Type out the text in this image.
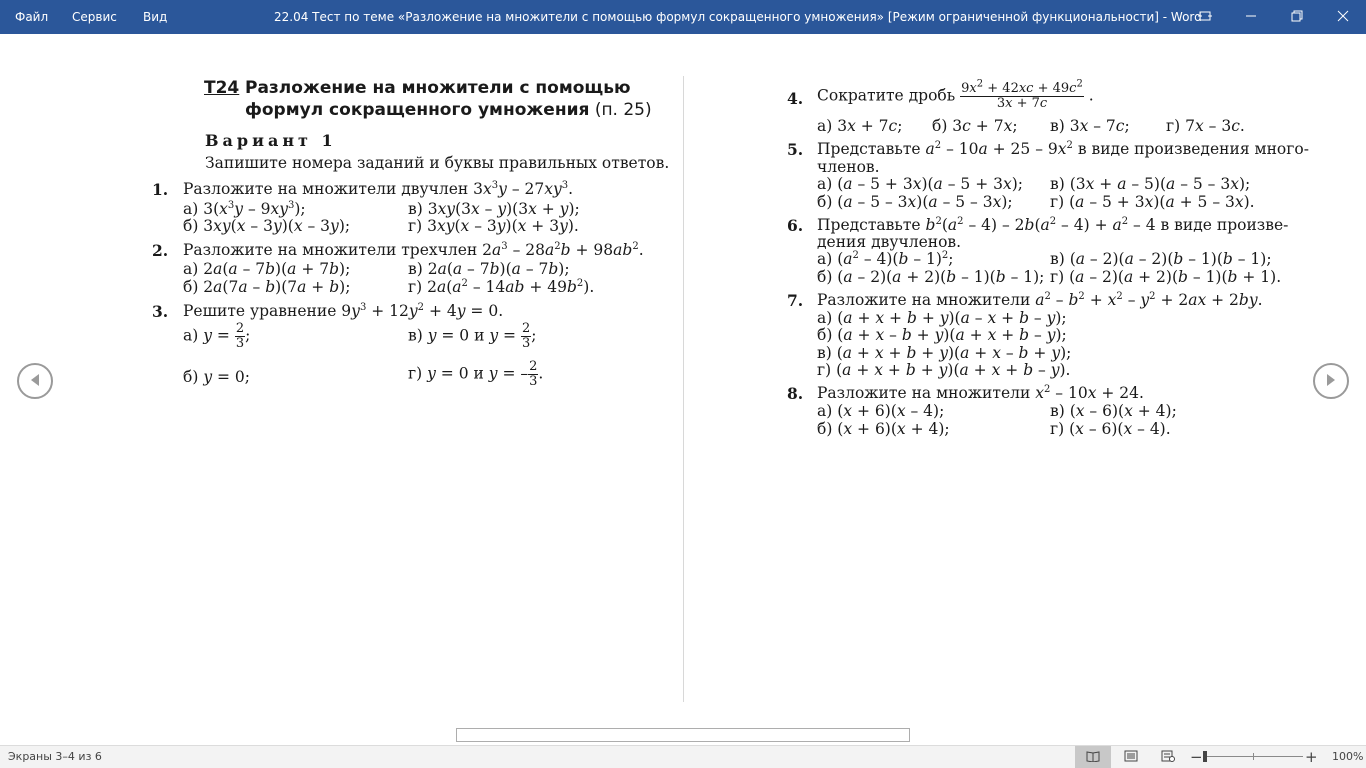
Файл Сервис Вид	22.04 Тест по теме «Разложение на множители с помощью формул сокращенного умножения» [Режим ограниченной функциональности] - Word
Т24 Разложение на множители с помощью
формул сокращенного умножения (п. 25)
Вариант 1
Запишите номера заданий и буквы правильных ответов.
1. Разложите на множители двучлен $3x^3y - 27xy^3$.
а) $3(x^3y - 9xy^3)$;	в) 3xy(3x – y)(3x + y);
б) 3xy(x – 3y)(x – 3y);	г) 3xy(x – 3y)(x + 3y).
2. Разложите на множители трехчлен $2a^3 - 28a^2b + 98ab^2$.
а) 2a(a – 7b)(a + 7b);	в) 2a(a – 7b)(a – 7b);
б) 2a(7a – b)(7a + b);	г) $2a(a^2 - 14ab + 49b^2)$.
3. Решите уравнение $9y^3 + 12y^2 + 4y = 0$.
а) $y = \frac{2}{3}$ ;	в) y = 0 и $y = \frac{2}{3}$ ;
б) y = 0;	г) y = 0 и y = – $\frac{2}{3}$ .
4. Сократите дробь $\frac{9x^2 + 42xc + 49c^2}{3x + 7c}$ .
а) 3x + 7c; б) 3c + 7x; в) 3x – 7c; г) 7x – 3c.
5. Представьте $a^2 - 10a + 25 - 9x^2$ в виде произведения много-
членов.
а) (a – 5 + 3x)(a – 5 + 3x); в) (3x + a – 5)(a – 5 – 3x);
б) (a – 5 – 3x)(a – 5 – 3x); г) (a – 5 + 3x)(a + 5 – 3x).
6. Представьте $b^2(a^2 - 4) - 2b(a^2 - 4) + a^2 - 4$ в виде произве-
дения двучленов.
а) $(a^2 - 4)(b - 1)^2$;	в) (a – 2)(a – 2)(b – 1)(b – 1);
б) (a – 2)(a + 2)(b – 1)(b – 1); г) (a – 2)(a + 2)(b – 1)(b + 1).
7. Разложите на множители $a^2 - b^2 + x^2 - y^2 + 2ax + 2by$.
а) (a + x + b + y)(a – x + b – y);
б) (a + x – b + y)(a + x + b – y);
в) (a + x + b + y)(a + x – b + y);
г) (a + x + b + y)(a + x + b – y).
8. Разложите на множители $x^2 - 10x + 24$.
а) (x + 6)(x – 4);	в) (x – 6)(x + 4);
б) (x + 6)(x + 4);	г) (x – 6)(x – 4).
Экраны 3–4 из 6	−	+ 100%
